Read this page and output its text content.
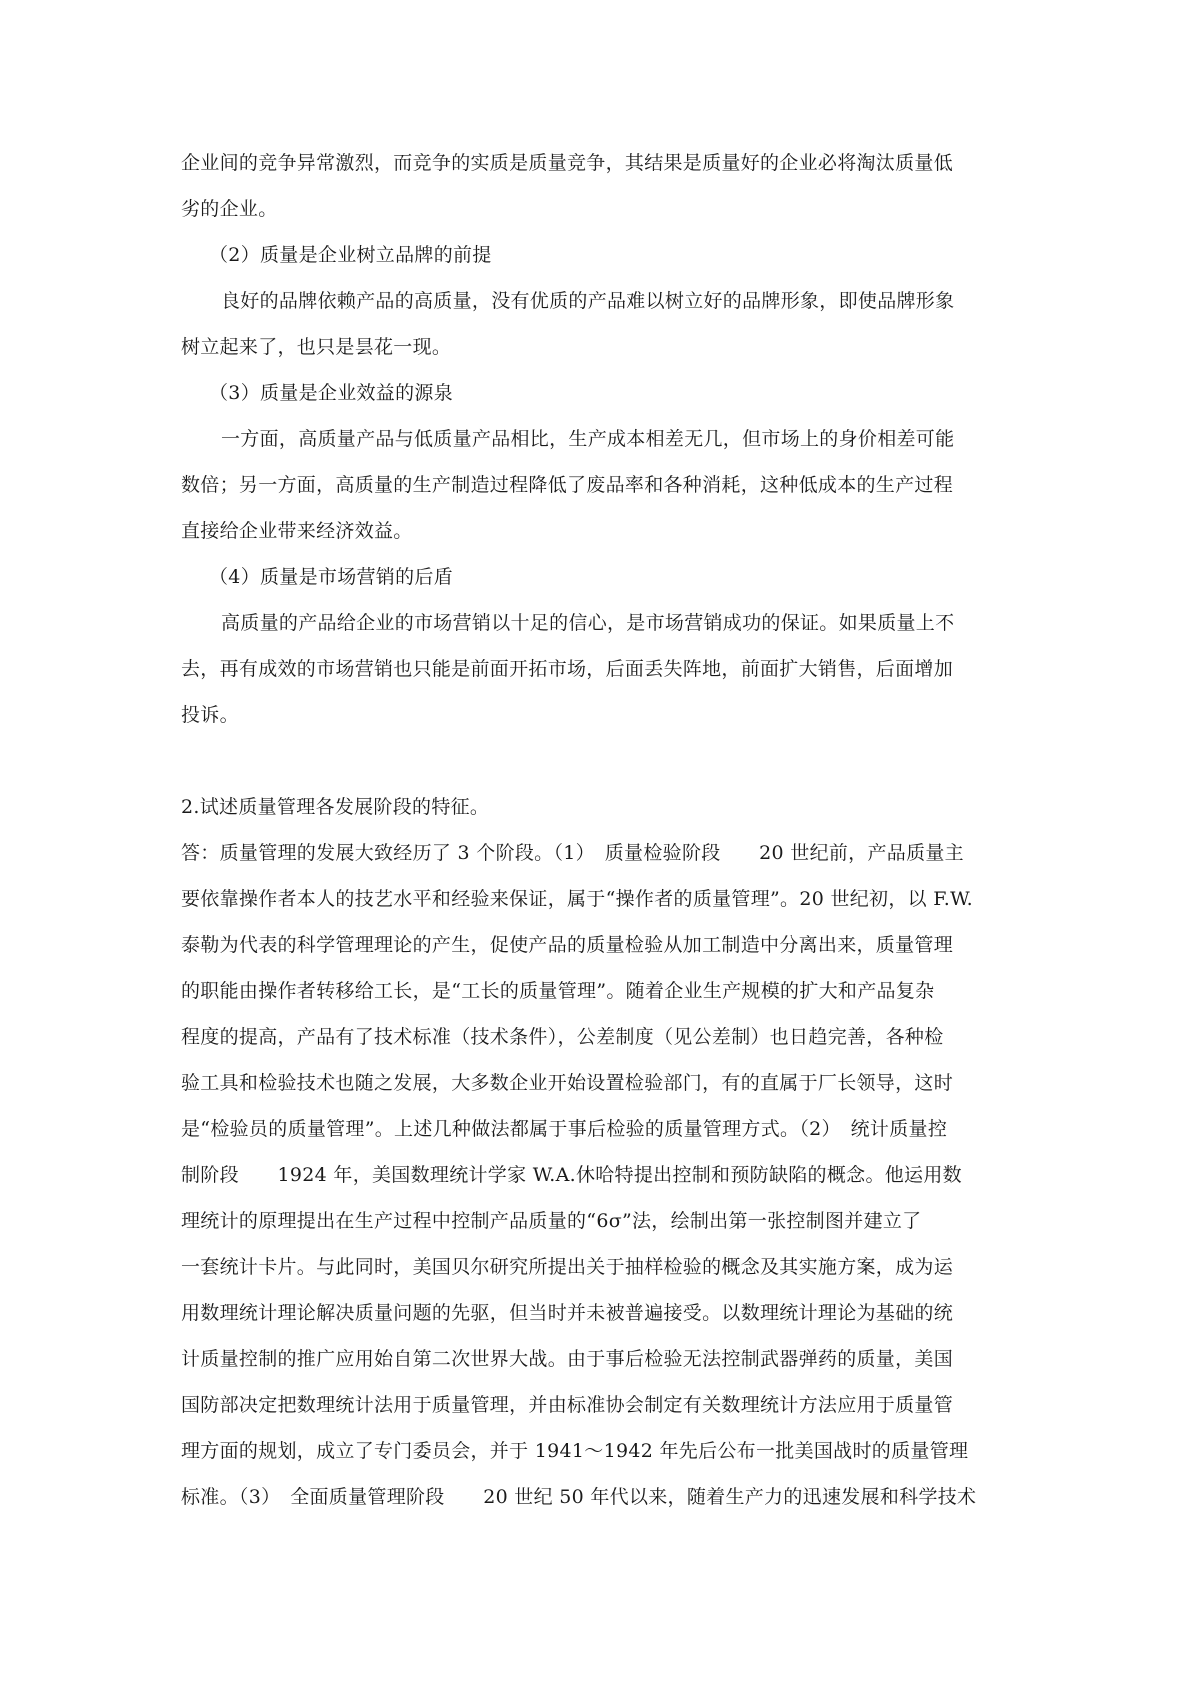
企业间的竞争异常激烈，而竞争的实质是质量竞争，其结果是质量好的企业必将淘汰质量低
劣的企业。
（2）质量是企业树立品牌的前提
良好的品牌依赖产品的高质量，没有优质的产品难以树立好的品牌形象，即使品牌形象
树立起来了，也只是昙花一现。
（3）质量是企业效益的源泉
一方面，高质量产品与低质量产品相比，生产成本相差无几，但市场上的身价相差可能
数倍；另一方面，高质量的生产制造过程降低了废品率和各种消耗，这种低成本的生产过程
直接给企业带来经济效益。
（4）质量是市场营销的后盾
高质量的产品给企业的市场营销以十足的信心，是市场营销成功的保证。如果质量上不
去，再有成效的市场营销也只能是前面开拓市场，后面丢失阵地，前面扩大销售，后面增加
投诉。
2.试述质量管理各发展阶段的特征。
答：质量管理的发展大致经历了 3 个阶段。（1）　质量检验阶段　　20 世纪前，产品质量主
要依靠操作者本人的技艺水平和经验来保证，属于“操作者的质量管理”。20 世纪初，以 F.W.
泰勒为代表的科学管理理论的产生，促使产品的质量检验从加工制造中分离出来，质量管理
的职能由操作者转移给工长，是“工长的质量管理”。随着企业生产规模的扩大和产品复杂
程度的提高，产品有了技术标准（技术条件），公差制度（见公差制）也日趋完善，各种检
验工具和检验技术也随之发展，大多数企业开始设置检验部门，有的直属于厂长领导，这时
是“检验员的质量管理”。上述几种做法都属于事后检验的质量管理方式。（2）　统计质量控
制阶段　　1924 年，美国数理统计学家 W.A.休哈特提出控制和预防缺陷的概念。他运用数
理统计的原理提出在生产过程中控制产品质量的“6σ”法，绘制出第一张控制图并建立了
一套统计卡片。与此同时，美国贝尔研究所提出关于抽样检验的概念及其实施方案，成为运
用数理统计理论解决质量问题的先驱，但当时并未被普遍接受。以数理统计理论为基础的统
计质量控制的推广应用始自第二次世界大战。由于事后检验无法控制武器弹药的质量，美国
国防部决定把数理统计法用于质量管理，并由标准协会制定有关数理统计方法应用于质量管
理方面的规划，成立了专门委员会，并于 1941～1942 年先后公布一批美国战时的质量管理
标准。（3）　全面质量管理阶段　　20 世纪 50 年代以来，随着生产力的迅速发展和科学技术
